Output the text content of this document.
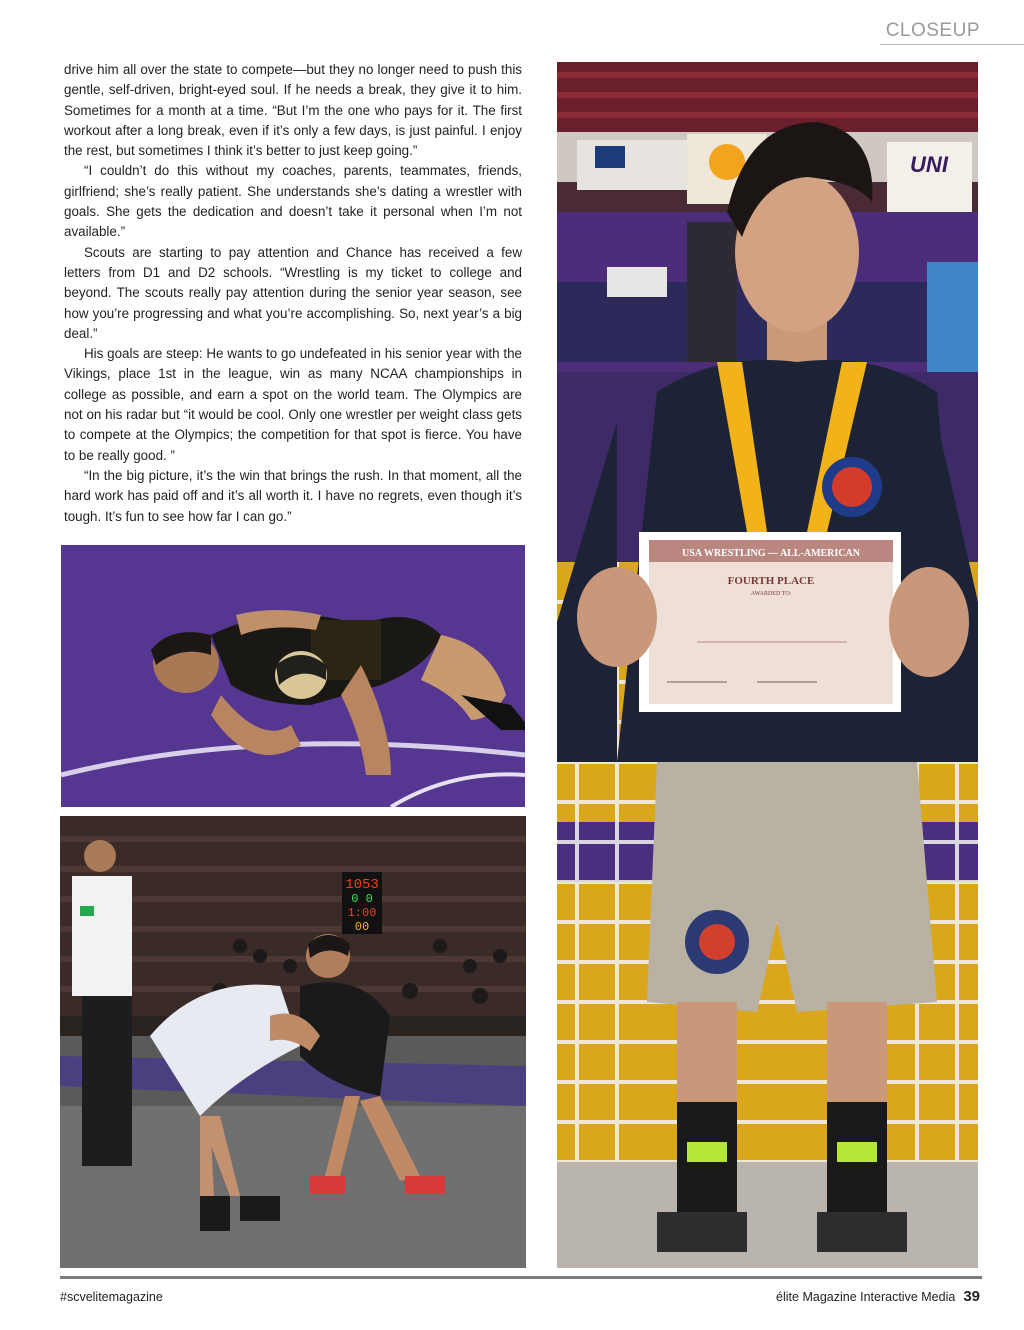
CLOSEUP

drive him all over the state to compete—but they no longer need to push this gentle, self-driven, bright-eyed soul. If he needs a break, they give it to him. Sometimes for a month at a time. “But I’m the one who pays for it. The first workout after a long break, even if it’s only a few days, is just painful. I enjoy the rest, but sometimes I think it’s better to just keep going.”

“I couldn’t do this without my coaches, parents, teammates, friends, girlfriend; she’s really patient. She understands she’s dating a wrestler with goals. She gets the dedication and doesn’t take it personal when I’m not available.”

Scouts are starting to pay attention and Chance has received a few letters from D1 and D2 schools. “Wrestling is my ticket to college and beyond. The scouts really pay attention during the senior year season, see how you’re progressing and what you’re accomplishing. So, next year’s a big deal.”

His goals are steep: He wants to go undefeated in his senior year with the Vikings, place 1st in the league, win as many NCAA championships in college as possible, and earn a spot on the world team. The Olympics are not on his radar but “it would be cool. Only one wrestler per weight class gets to compete at the Olympics; the competition for that spot is fierce. You have to be really good. ”

“In the big picture, it’s the win that brings the rush. In that moment, all the hard work has paid off and it’s all worth it. I have no regrets, even though it’s tough. It’s fun to see how far I can go.”

1053
0 0
1:00
00
UNI
USA WRESTLING — ALL-AMERICAN
FOURTH PLACE
AWARDED TO:
#scvelitemagazine	élite Magazine Interactive Media 39
